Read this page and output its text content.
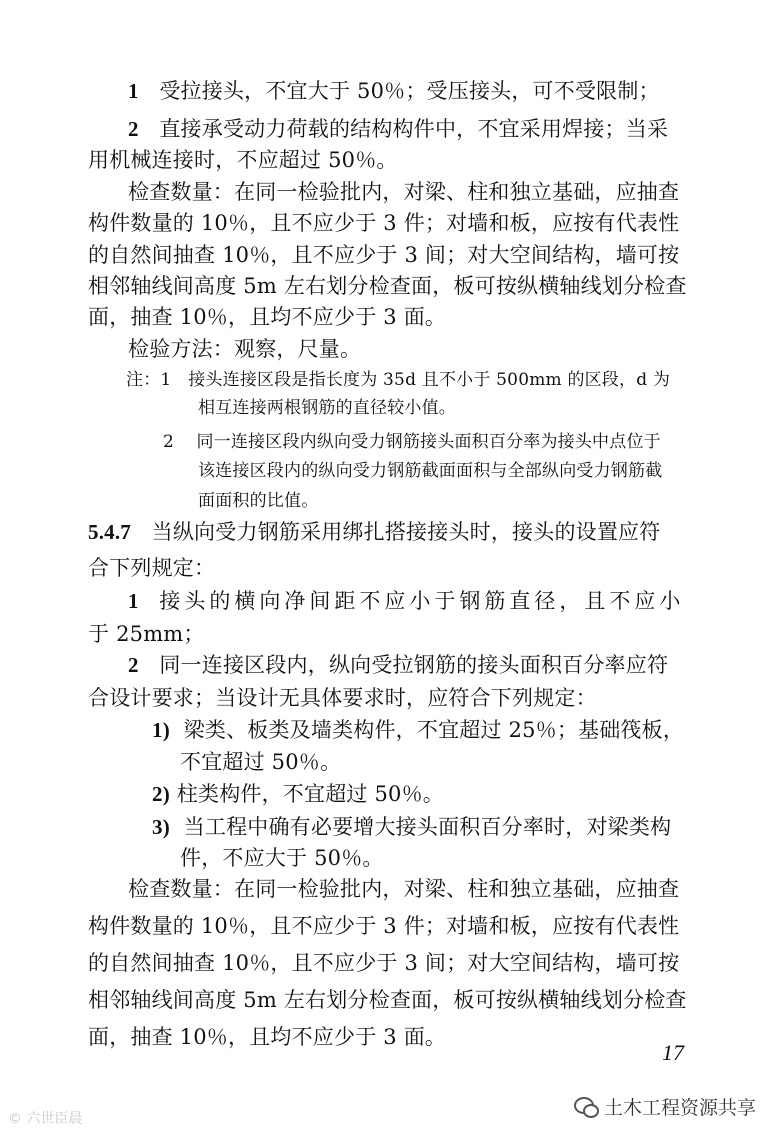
1 受拉接头，不宜大于 50％；受压接头，可不受限制；
2 直接承受动力荷载的结构构件中，不宜采用焊接；当采
用机械连接时，不应超过 50％。
检查数量：在同一检验批内，对梁、柱和独立基础，应抽查
构件数量的 10％，且不应少于 3 件；对墙和板，应按有代表性
的自然间抽查 10％，且不应少于 3 间；对大空间结构，墙可按
相邻轴线间高度 5m 左右划分检查面，板可按纵横轴线划分检查
面，抽查 10％，且均不应少于 3 面。
检验方法：观察，尺量。
注：1 接头连接区段是指长度为 35d 且不小于 500mm 的区段，d 为
相互连接两根钢筋的直径较小值。
2 同一连接区段内纵向受力钢筋接头面积百分率为接头中点位于
该连接区段内的纵向受力钢筋截面面积与全部纵向受力钢筋截
面面积的比值。
5.4.7 当纵向受力钢筋采用绑扎搭接接头时，接头的设置应符
合下列规定：
1 接头的横向净间距不应小于钢筋直径，且不应小
于 25mm；
2 同一连接区段内，纵向受拉钢筋的接头面积百分率应符
合设计要求；当设计无具体要求时，应符合下列规定：
1) 梁类、板类及墙类构件，不宜超过 25％；基础筏板，
不宜超过 50％。
2) 柱类构件，不宜超过 50％。
3) 当工程中确有必要增大接头面积百分率时，对梁类构
件，不应大于 50％。
17
土木工程资源共享
© 六世臣晨
检查数量：在同一检验批内，对梁、柱和独立基础，应抽查
构件数量的 10％，且不应少于 3 件；对墙和板，应按有代表性
的自然间抽查 10％，且不应少于 3 间；对大空间结构，墙可按
相邻轴线间高度 5m 左右划分检查面，板可按纵横轴线划分检查
面，抽查 10％，且均不应少于 3 面。
